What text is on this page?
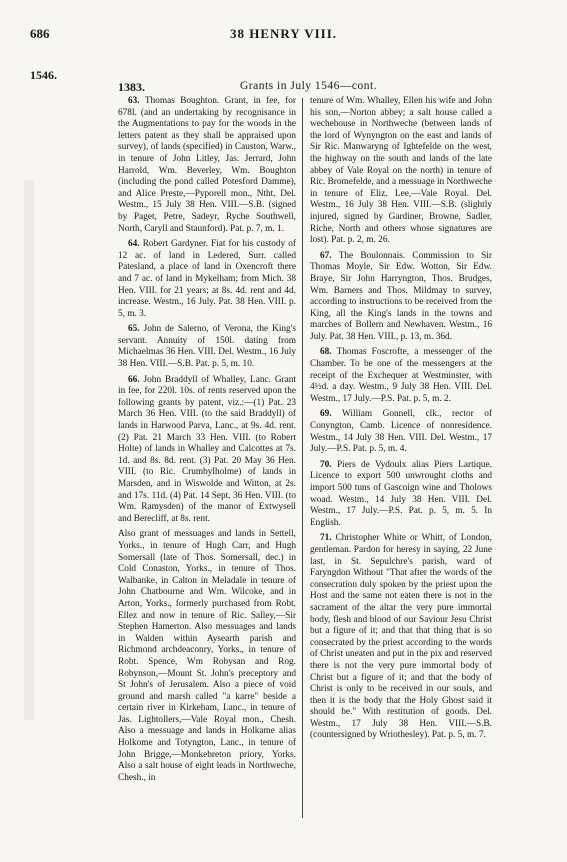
686	38 HENRY VIII.
1546.
1383.	Grants in July 1546—cont.

63. Thomas Boughton. Grant, in fee, for 678l. (and an undertaking by recognisance in the Augmentations to pay for the woods in the letters patent as they shall be appraised upon survey), of lands (specified) in Causton, Warw., in tenure of John Litley, Jas. Jerrard, John Harrold, Wm. Beverley, Wm. Boughton (including the pond called Potesford Damme), and Alice Preste,—Pyporell mon., Ntht. Del. Westm., 15 July 38 Hen. VIII.—S.B. (signed by Paget, Petre, Sadeyr, Ryche Southwell, North, Caryll and Staunford). Pat. p. 7, m. 1.

64. Robert Gardyner. Fiat for his custody of 12 ac. of land in Ledered, Surr. called Patesland, a place of land in Oxencroft there and 7 ac. of land in Mykelham; from Mich. 38 Hen. VIII. for 21 years; at 8s. 4d. rent and 4d. increase. Westm., 16 July. Pat. 38 Hen. VIII. p. 5, m. 3.

65. John de Salerno, of Verona, the King's servant. Annuity of 150l. dating from Michaelmas 36 Hen. VIII. Del. Westm., 16 July 38 Hen. VIII.—S.B. Pat. p. 5, m. 10.

66. John Braddyll of Whalley, Lanc. Grant in fee, for 220l. 10s. of rents reserved upon the following grants by patent, viz.:—(1) Pat. 23 March 36 Hen. VIII. (to the said Braddyll) of lands in Harwood Parva, Lanc., at 9s. 4d. rent. (2) Pat. 21 March 33 Hen. VIII. (to Robert Holte) of lands in Whalley and Calcottes at 7s. 1d. and 8s. 8d. rent. (3) Pat. 20 May 36 Hen. VIII. (to Ric. Crumbylholme) of lands in Marsden, and in Wiswolde and Witton, at 2s. and 17s. 11d. (4) Pat. 14 Sept. 36 Hen. VIII. (to Wm. Ramysden) of the manor of Extwysell and Berecliff, at 8s. rent.

Also grant of messuages and lands in Settell, Yorks., in tenure of Hugh Carr, and Hugh Somersall (late of Thos. Somersall, dec.) in Cold Conaston, Yorks., in tenure of Thos. Walbanke, in Calton in Meladale in tenure of John Chatbourne and Wm. Wilcoke, and in Arton, Yorks., formerly purchased from Robt. Ellez and now in tenure of Ric. Salley,—Sir Stephen Hamerton. Also messuages and lands in Walden within Aysearth parish and Richmond archdeaconry, Yorks., in tenure of Robt. Spence, Wm Robysan and Rog. Robynson,—Mount St. John's preceptory and St John's of Jerusalem. Also a piece of void ground and marsh called "a karre" beside a certain river in Kirkeham, Lanc., in tenure of Jas. Lightollers,—Vale Royal mon., Chesh. Also a messuage and lands in Holkame alias Holkome and Totyngton, Lanc., in tenure of John Brigge,—Monkebreton priory, Yorks. Also a salt house of eight leads in Northweche, Chesh., in

tenure of Wm. Whalley, Ellen his wife and John his son,—Norton abbey; a salt house called a wechehouse in Northweche (between lands of the lord of Wynyngton on the east and lands of Sir Ric. Manwaryng of Ightefelde on the west, the highway on the south and lands of the late abbey of Vale Royal on the north) in tenure of Ric. Bromefelde, and a messuage in Northweche in tenure of Eliz. Lee,—Vale Royal. Del. Westm., 16 July 38 Hen. VIII.—S.B. (slightly injured, signed by Gardiner, Browne, Sadler, Riche, North and others whose signatures are lost). Pat. p. 2, m. 26.

67. The Boulonnais. Commission to Sir Thomas Moyle, Sir Edw. Wotton, Sir Edw. Braye, Sir John Harryngton, Thos. Brudges, Wm. Barners and Thos. Mildmay to survey, according to instructions to be received from the King, all the King's lands in the towns and marches of Bollern and Newhaven. Westm., 16 July. Pat. 38 Hen. VIII., p. 13, m. 36d.

68. Thomas Foscrofte, a messenger of the Chamber. To be one of the messengers at the receipt of the Exchequer at Westminster, with 4½d. a day. Westm., 9 July 38 Hen. VIII. Del. Westm., 17 July.—P.S. Pat. p. 5, m. 2.

69. William Gonnell, clk., rector of Conyngton, Camb. Licence of nonresidence. Westm., 14 July 38 Hen. VIII. Del. Westm., 17 July.—P.S. Pat. p. 5, m. 4.

70. Piers de Vydoulx alias Piers Lartique. Licence to export 500 unwrought cloths and import 500 tuns of Gascoign wine and Tholows woad. Westm., 14 July 38 Hen. VIII. Del. Westm., 17 July.—P.S. Pat. p. 5, m. 5. In English.

71. Christopher White or Whitt, of London, gentleman. Pardon for heresy in saying, 22 June last, in St. Sepulchre's parish, ward of Faryngdon Without "That after the words of the consecration duly spoken by the priest upon the Host and the same not eaten there is not in the sacrament of the altar the very pure immortal body, flesh and blood of our Saviour Jesu Christ but a figure of it; and that that thing that is so consecrated by the priest according to the words of Christ uneaten and put in the pix and reserved there is not the very pure immortal body of Christ but a figure of it; and that the body of Christ is only to be received in our souls, and then it is the body that the Holy Ghost said it should be." With restitution of goods. Del. Westm., 17 July 38 Hen. VIII.—S.B. (countersigned by Wriothesley). Pat. p. 5, m. 7.
